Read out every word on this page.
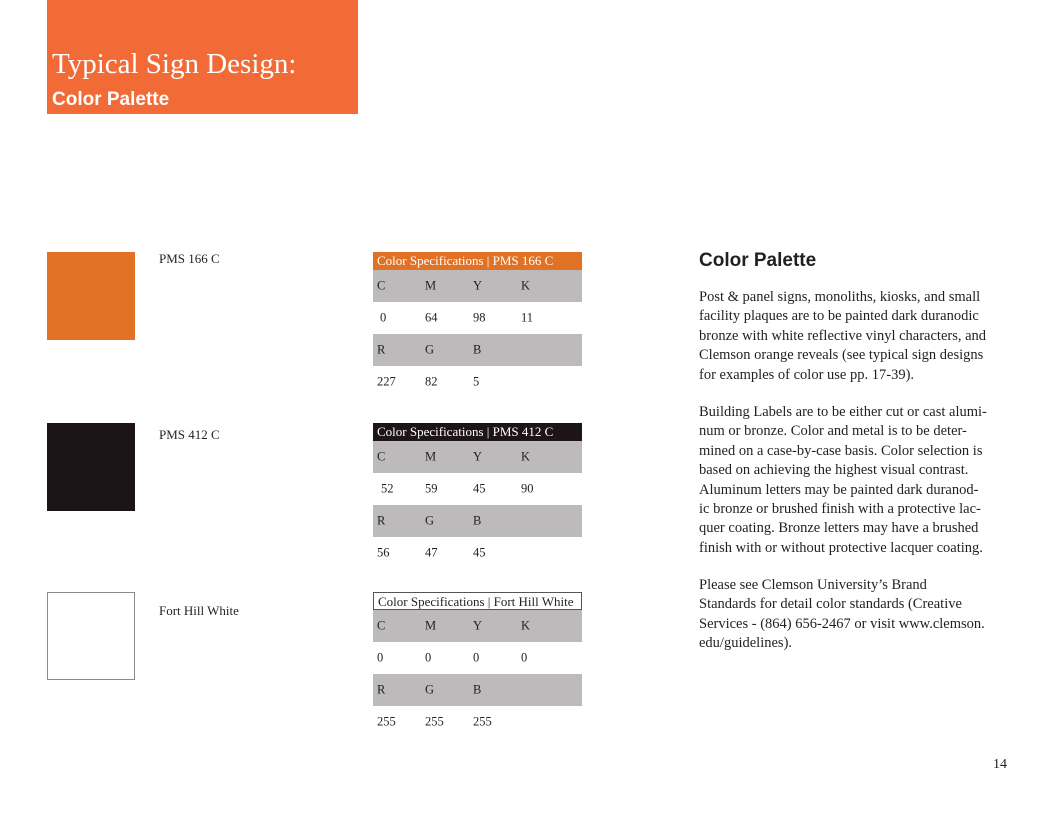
Typical Sign Design:
Color Palette
PMS 166 C	Color Specifications | PMS 166 C
C	M	Y	K
0	64	98	11
R	G	B
227 82	5
PMS 412 C	Color Specifications | PMS 412 C
C	M	Y	K
52	59	45	90
R	G	B
56	47	45
Fort Hill White
Color Specifications | Fort Hill White
C	M	Y	K
0	0	0	0
R	G	B
255 255 255
Color Palette
Post & panel signs, monoliths, kiosks, and small
facility plaques are to be painted dark duranodic
bronze with white reflective vinyl characters, and
Clemson orange reveals (see typical sign designs
for examples of color use pp. 17-39).
Building Labels are to be either cut or cast alumi-
num or bronze. Color and metal is to be deter-
mined on a case-by-case basis. Color selection is
based on achieving the highest visual contrast.
Aluminum letters may be painted dark duranod-
ic bronze or brushed finish with a protective lac-
quer coating. Bronze letters may have a brushed
finish with or without protective lacquer coating.
Please see Clemson University’s Brand
Standards for detail color standards (Creative
Services - (864) 656-2467 or visit www.clemson.
edu/guidelines).
14
